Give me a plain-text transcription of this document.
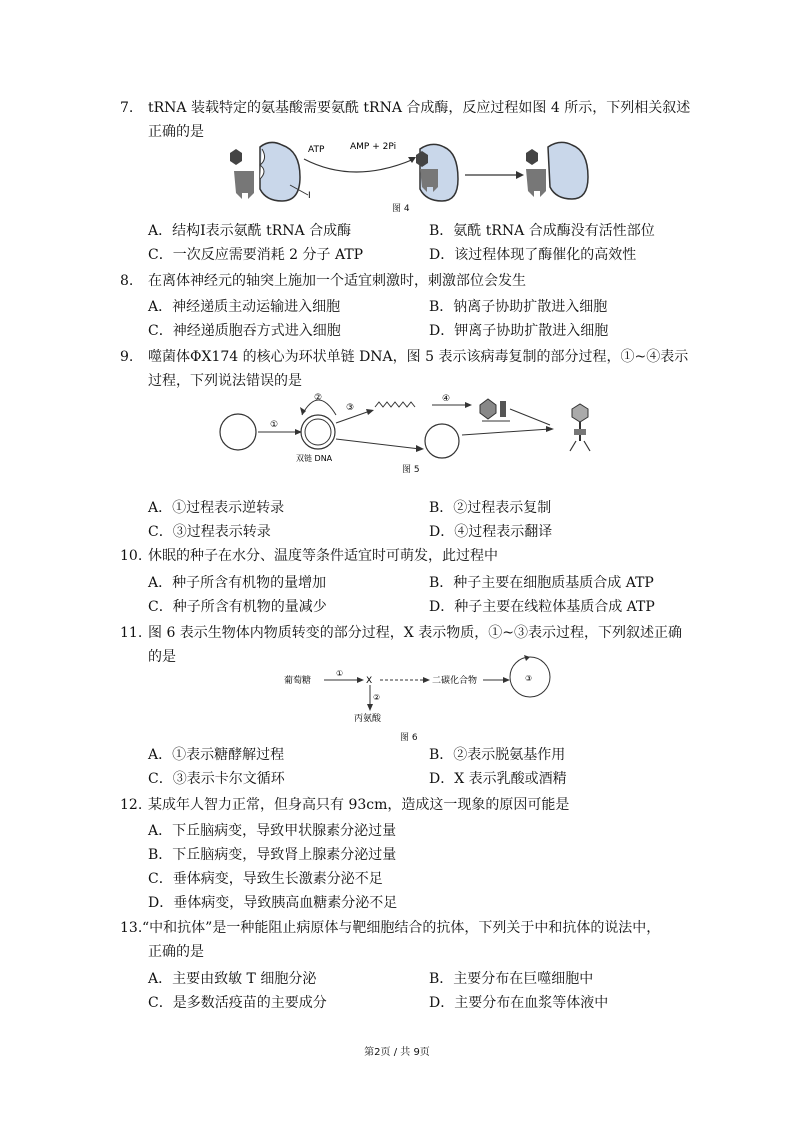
7. tRNA 装载特定的氨基酸需要氨酰 tRNA 合成酶，反应过程如图 4 所示，下列相关叙述
正确的是
Ⅰ
ATP	AMP + 2Pi
图 4
A．结构Ⅰ表示氨酰 tRNA 合成酶	B．氨酰 tRNA 合成酶没有活性部位
C．一次反应需要消耗 2 分子 ATP	D．该过程体现了酶催化的高效性
8. 在离体神经元的轴突上施加一个适宜刺激时，刺激部位会发生
A．神经递质主动运输进入细胞	B．钠离子协助扩散进入细胞
C．神经递质胞吞方式进入细胞	D．钾离子协助扩散进入细胞
9. 噬菌体ΦX174 的核心为环状单链 DNA，图 5 表示该病毒复制的部分过程，①~④表示
过程，下列说法错误的是
①
②
双链 DNA
③
④
图 5
A．①过程表示逆转录	B．②过程表示复制
C．③过程表示转录	D．④过程表示翻译
10. 休眠的种子在水分、温度等条件适宜时可萌发，此过程中
A．种子所含有机物的量增加	B．种子主要在细胞质基质合成 ATP
C．种子所含有机物的量减少	D．种子主要在线粒体基质合成 ATP
11. 图 6 表示生物体内物质转变的部分过程，X 表示物质，①~③表示过程，下列叙述正确
的是
葡萄糖
①
X	二碳化合物
②
丙氨酸
③
图 6
A．①表示糖酵解过程	B．②表示脱氨基作用
C．③表示卡尔文循环	D．X 表示乳酸或酒精
12. 某成年人智力正常，但身高只有 93cm，造成这一现象的原因可能是
A．下丘脑病变，导致甲状腺素分泌过量
B．下丘脑病变，导致肾上腺素分泌过量
C．垂体病变，导致生长激素分泌不足
D．垂体病变，导致胰高血糖素分泌不足
13. “中和抗体”是一种能阻止病原体与靶细胞结合的抗体，下列关于中和抗体的说法中，
正确的是
A．主要由致敏 T 细胞分泌	B．主要分布在巨噬细胞中
C．是多数活疫苗的主要成分	D．主要分布在血浆等体液中
第2页 / 共 9页
